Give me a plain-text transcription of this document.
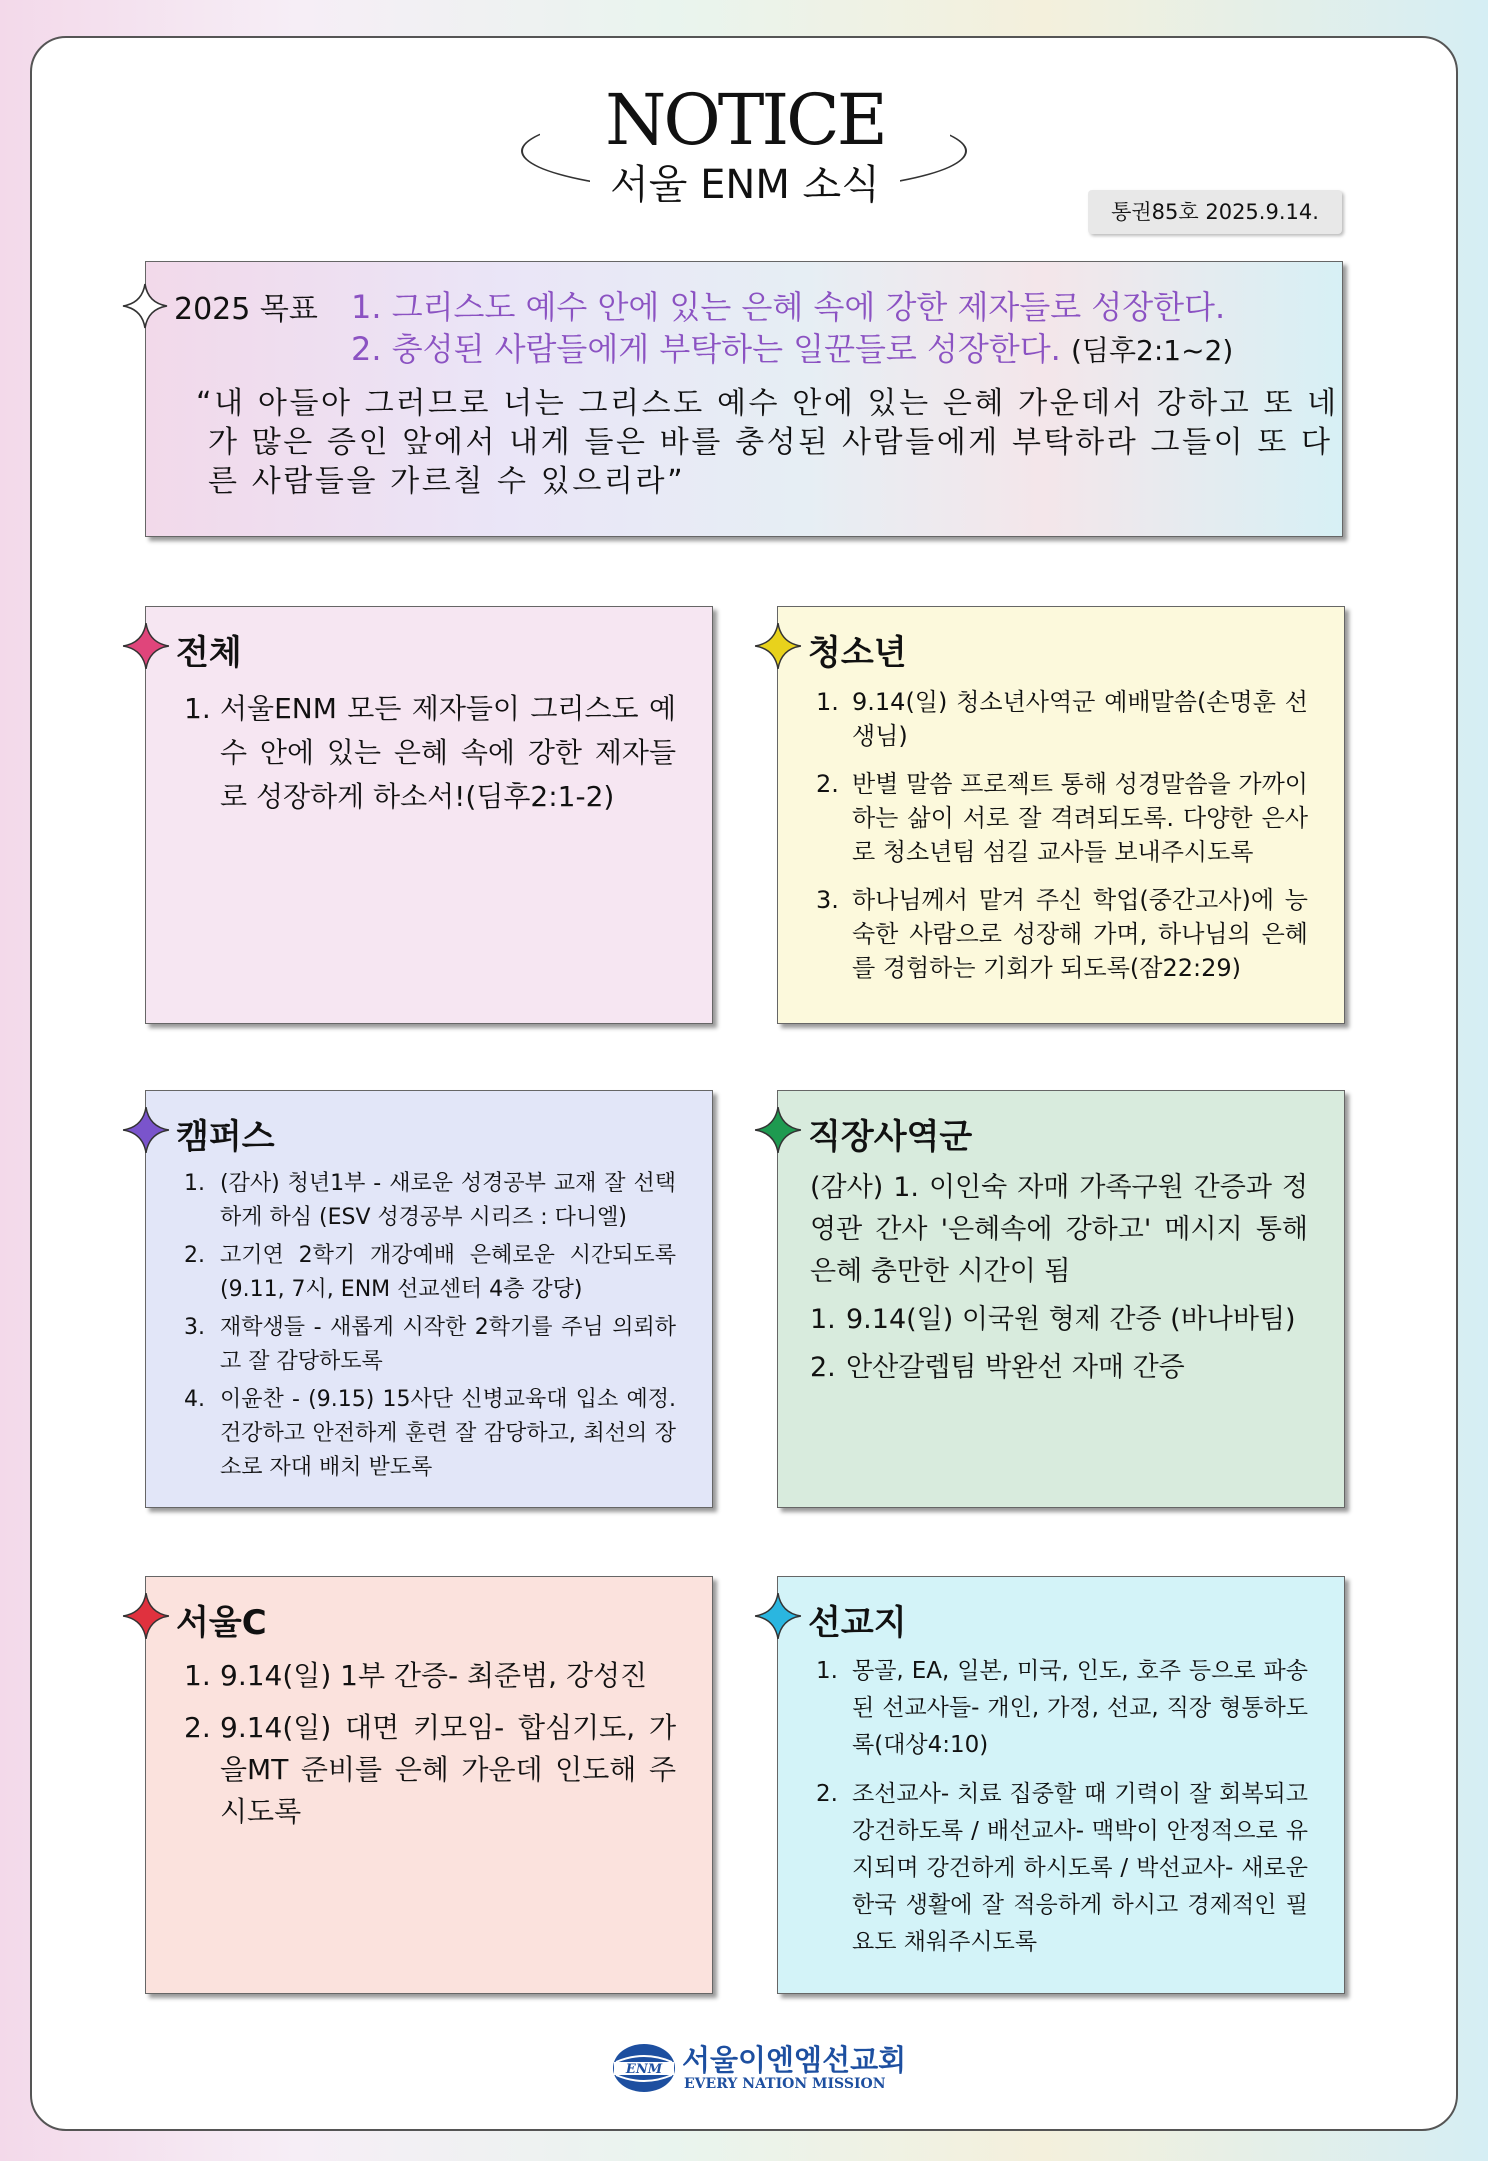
NOTICE
서울 ENM 소식
통권85호 2025.9.14.
2025 목표 1. 그리스도 예수 안에 있는 은혜 속에 강한 제자들로 성장한다.
2. 충성된 사람들에게 부탁하는 일꾼들로 성장한다. (딤후2:1~2)
“내 아들아 그러므로 너는 그리스도 예수 안에 있는 은혜 가운데서 강하고 또 네
가 많은 증인 앞에서 내게 들은 바를 충성된 사람들에게 부탁하라 그들이 또 다
른 사람들을 가르칠 수 있으리라”
전체
1. 서울ENM 모든 제자들이 그리스도 예수 안에 있는 은혜 속에 강한 제자들로 성장하게 하소서!(딤후2:1-2)
청소년
1. 9.14(일) 청소년사역군 예배말씀(손명훈 선생님)
2. 반별 말씀 프로젝트 통해 성경말씀을 가까이하는 삶이 서로 잘 격려되도록. 다양한 은사로 청소년팀 섬길 교사들 보내주시도록
3. 하나님께서 맡겨 주신 학업(중간고사)에 능숙한 사람으로 성장해 가며, 하나님의 은혜를 경험하는 기회가 되도록(잠22:29)
캠퍼스
1. (감사) 청년1부 - 새로운 성경공부 교재 잘 선택하게 하심 (ESV 성경공부 시리즈 : 다니엘)
2. 고기연 2학기 개강예배 은혜로운 시간되도록(9.11, 7시, ENM 선교센터 4층 강당)
3. 재학생들 - 새롭게 시작한 2학기를 주님 의뢰하고 잘 감당하도록
4. 이윤찬 - (9.15) 15사단 신병교육대 입소 예정. 건강하고 안전하게 훈련 잘 감당하고, 최선의 장소로 자대 배치 받도록
직장사역군
(감사) 1. 이인숙 자매 가족구원 간증과 정영관 간사 '은혜속에 강하고' 메시지 통해 은혜 충만한 시간이 됨
1. 9.14(일) 이국원 형제 간증 (바나바팀)
2. 안산갈렙팀 박완선 자매 간증
서울C
1. 9.14(일) 1부 간증- 최준범, 강성진
2. 9.14(일) 대면 키모임- 합심기도, 가을MT 준비를 은혜 가운데 인도해 주시도록
선교지
1. 몽골, EA, 일본, 미국, 인도, 호주 등으로 파송된 선교사들- 개인, 가정, 선교, 직장 형통하도록(대상4:10)
2. 조선교사- 치료 집중할 때 기력이 잘 회복되고 강건하도록 / 배선교사- 맥박이 안정적으로 유지되며 강건하게 하시도록 / 박선교사- 새로운 한국 생활에 잘 적응하게 하시고 경제적인 필요도 채워주시도록
ENM 서울이엔엠선교회
EVERY NATION MISSION
